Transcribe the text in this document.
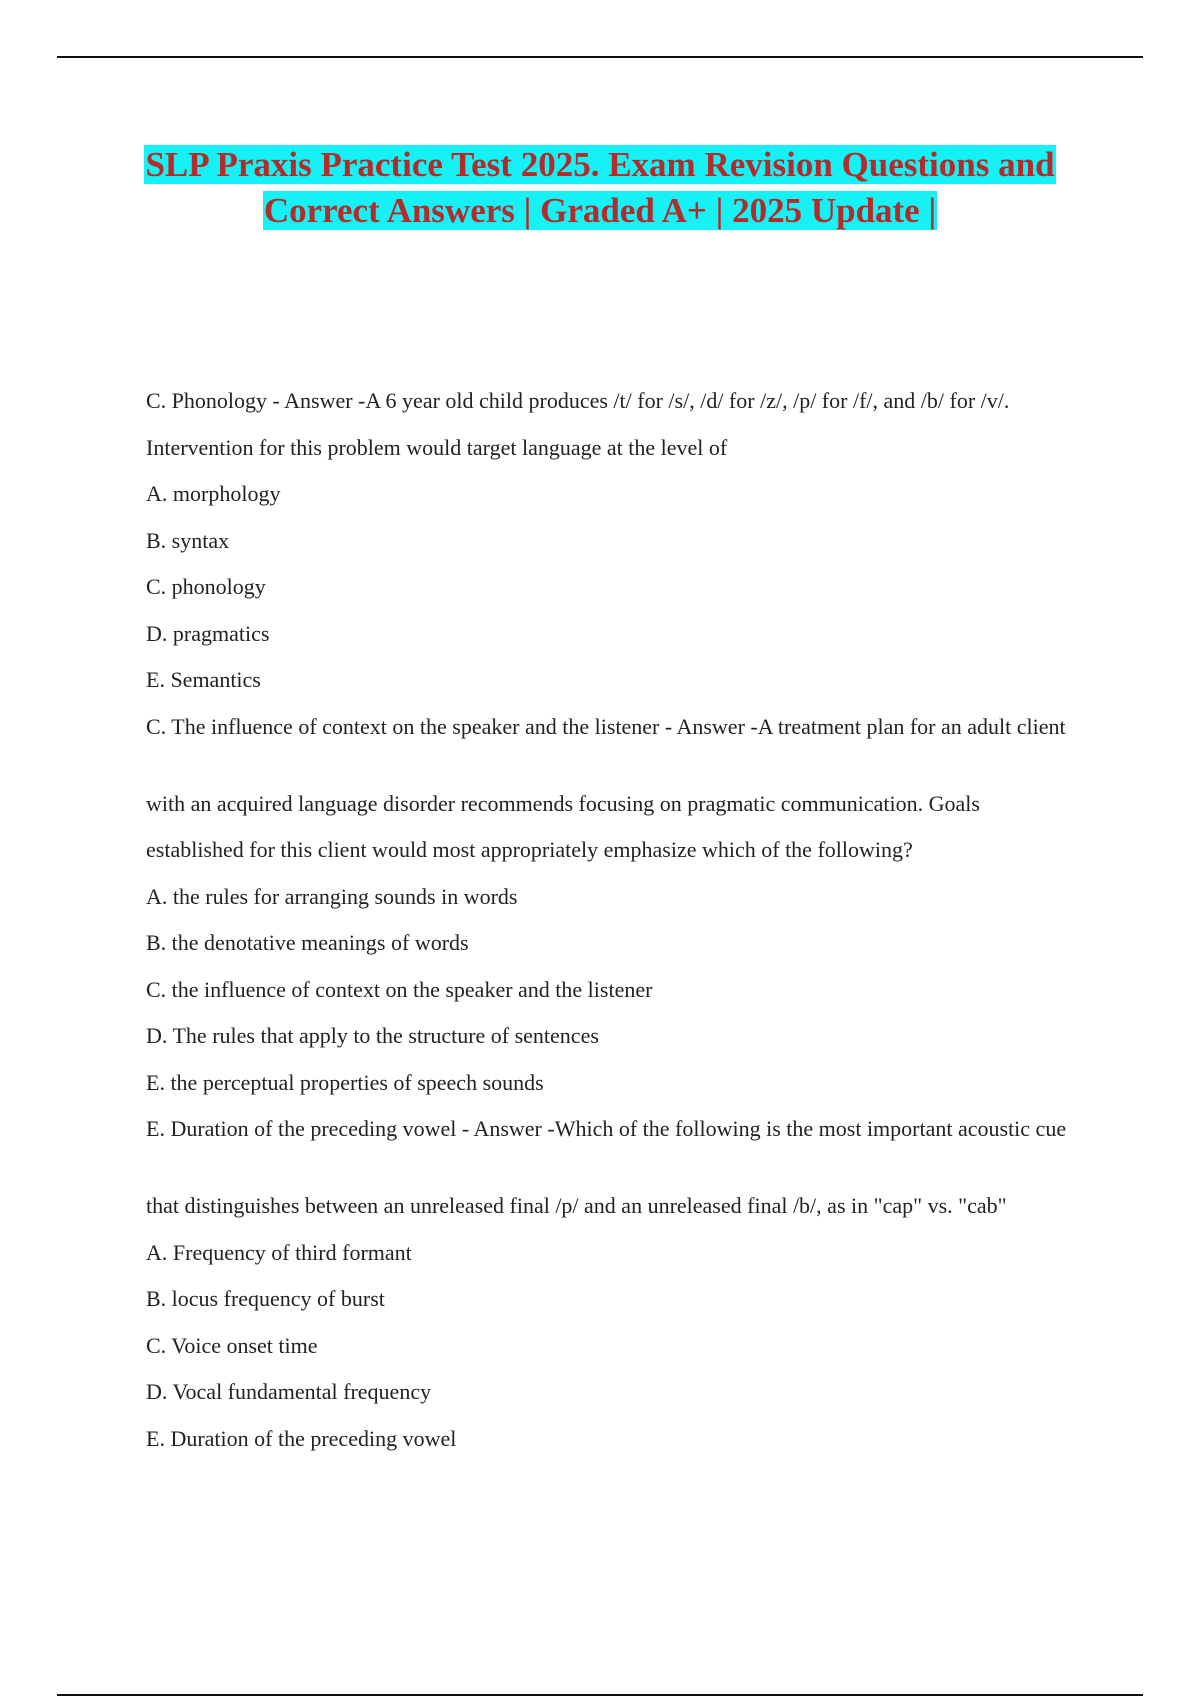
SLP Praxis Practice Test 2025. Exam Revision Questions and
Correct Answers | Graded A+ | 2025 Update |

C. Phonology - Answer -A 6 year old child produces /t/ for /s/, /d/ for /z/, /p/ for /f/, and /b/ for /v/.

Intervention for this problem would target language at the level of

A. morphology

B. syntax

C. phonology

D. pragmatics

E. Semantics

C. The influence of context on the speaker and the listener - Answer -A treatment plan for an adult client

with an acquired language disorder recommends focusing on pragmatic communication. Goals

established for this client would most appropriately emphasize which of the following?

A. the rules for arranging sounds in words

B. the denotative meanings of words

C. the influence of context on the speaker and the listener

D. The rules that apply to the structure of sentences

E. the perceptual properties of speech sounds

E. Duration of the preceding vowel - Answer -Which of the following is the most important acoustic cue

that distinguishes between an unreleased final /p/ and an unreleased final /b/, as in "cap" vs. "cab"

A. Frequency of third formant

B. locus frequency of burst

C. Voice onset time

D. Vocal fundamental frequency

E. Duration of the preceding vowel
